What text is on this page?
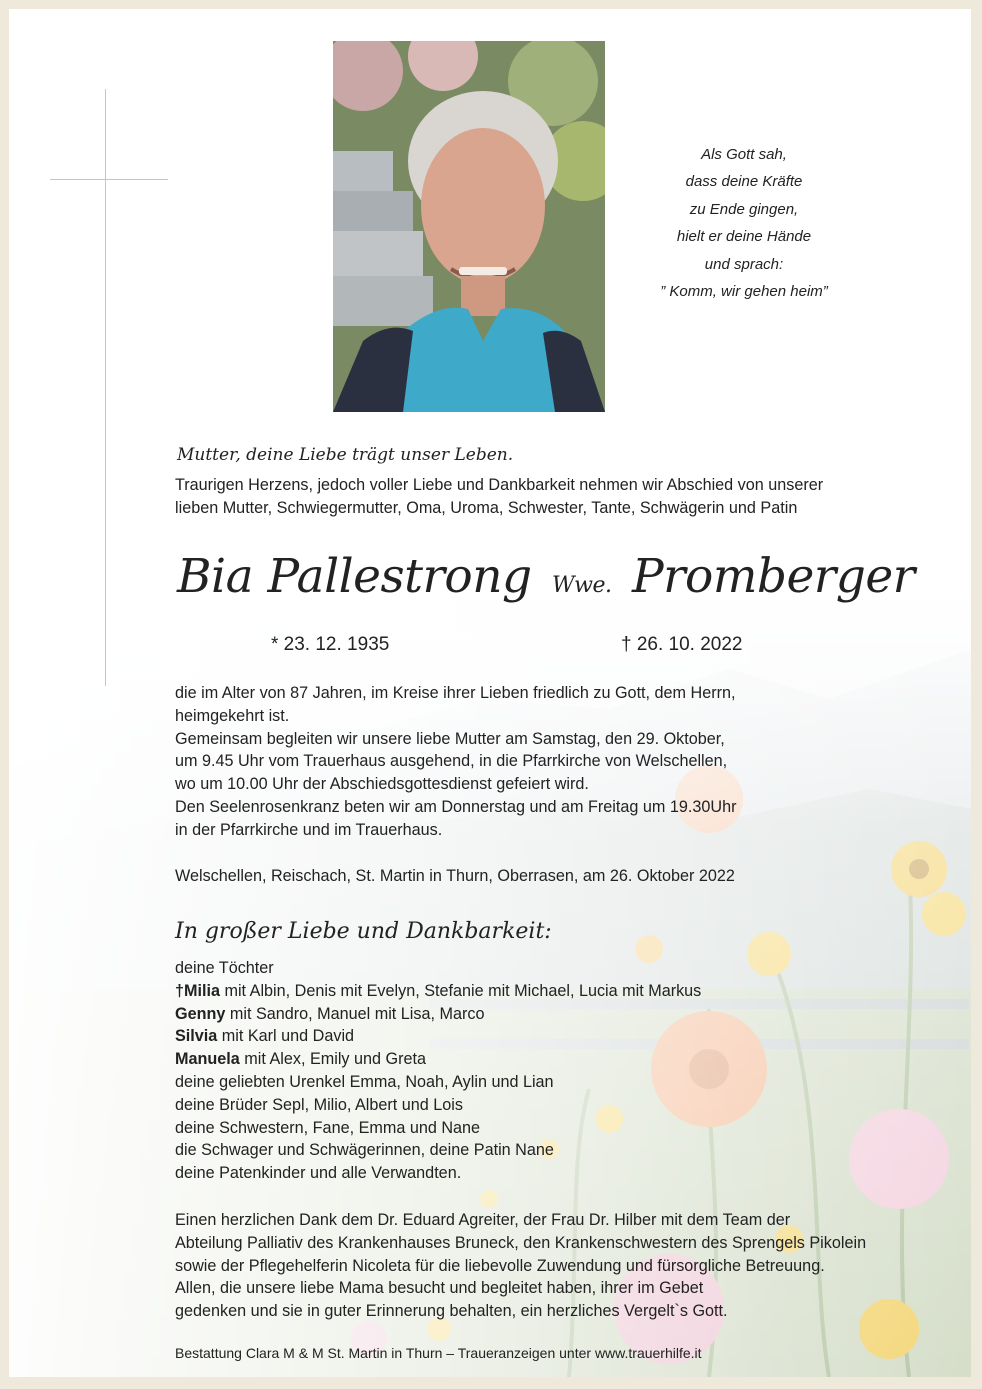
Als Gott sah,
dass deine Kräfte
zu Ende gingen,
hielt er deine Hände
und sprach:
” Komm, wir gehen heim”
Mutter, deine Liebe trägt unser Leben.
Traurigen Herzens, jedoch voller Liebe und Dankbarkeit nehmen wir Abschied von unserer
lieben Mutter, Schwiegermutter, Oma, Uroma, Schwester, Tante, Schwägerin und Patin
Bia Pallestrong Wwe. Promberger
* 23. 12. 1935	† 26. 10. 2022
die im Alter von 87 Jahren, im Kreise ihrer Lieben friedlich zu Gott, dem Herrn,
heimgekehrt ist.
Gemeinsam begleiten wir unsere liebe Mutter am Samstag, den 29. Oktober,
um 9.45 Uhr vom Trauerhaus ausgehend, in die Pfarrkirche von Welschellen,
wo um 10.00 Uhr der Abschiedsgottesdienst gefeiert wird.
Den Seelenrosenkranz beten wir am Donnerstag und am Freitag um 19.30Uhr
in der Pfarrkirche und im Trauerhaus.
Welschellen, Reischach, St. Martin in Thurn, Oberrasen, am 26. Oktober 2022
In großer Liebe und Dankbarkeit:
deine Töchter
†Milia mit Albin, Denis mit Evelyn, Stefanie mit Michael, Lucia mit Markus
Genny mit Sandro, Manuel mit Lisa, Marco
Silvia mit Karl und David
Manuela mit Alex, Emily und Greta
deine geliebten Urenkel Emma, Noah, Aylin und Lian
deine Brüder Sepl, Milio, Albert und Lois
deine Schwestern, Fane, Emma und Nane
die Schwager und Schwägerinnen, deine Patin Nane
deine Patenkinder und alle Verwandten.
Einen herzlichen Dank dem Dr. Eduard Agreiter, der Frau Dr. Hilber mit dem Team der
Abteilung Palliativ des Krankenhauses Bruneck, den Krankenschwestern des Sprengels Pikolein
sowie der Pflegehelferin Nicoleta für die liebevolle Zuwendung und fürsorgliche Betreuung.
Allen, die unsere liebe Mama besucht und begleitet haben, ihrer im Gebet
gedenken und sie in guter Erinnerung behalten, ein herzliches Vergelt`s Gott.
Bestattung Clara M & M St. Martin in Thurn – Traueranzeigen unter www.trauerhilfe.it
